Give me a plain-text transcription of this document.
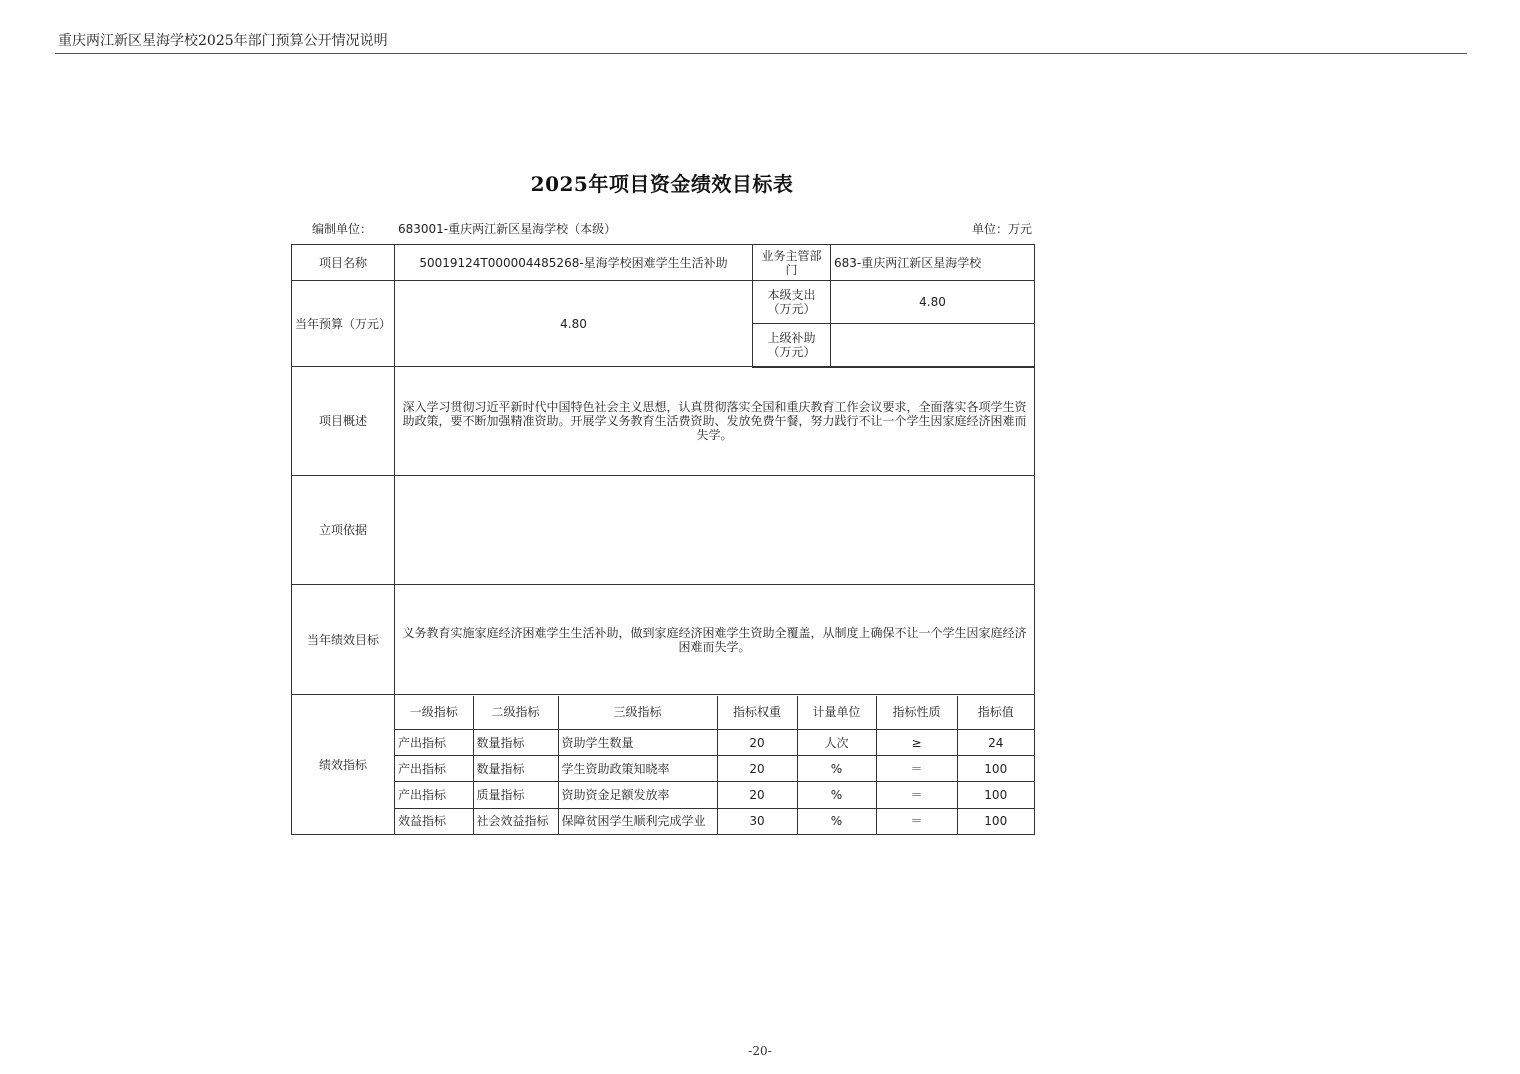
重庆两江新区星海学校2025年部门预算公开情况说明
2025年项目资金绩效目标表
编制单位： 683001-重庆两江新区星海学校（本级）	单位：万元
项目名称	50019124T000004485268-星海学校困难学生生活补助	业务主管部门	683-重庆两江新区星海学校
当年预算（万元）	4.80	本级支出（万元）	4.80
上级补助（万元）	
项目概述	深入学习贯彻习近平新时代中国特色社会主义思想，认真贯彻落实全国和重庆教育工作会议要求，全面落实各项学生资助政策，要不断加强精准资助。开展学义务教育生活费资助、发放免费午餐，努力践行不让一个学生因家庭经济困难而失学。
立项依据	
当年绩效目标	义务教育实施家庭经济困难学生生活补助，做到家庭经济困难学生资助全覆盖，从制度上确保不让一个学生因家庭经济困难而失学。
绩效指标	
一级指标	二级指标	三级指标	指标权重	计量单位	指标性质	指标值
产出指标	数量指标	资助学生数量	20	人次	≥	24
产出指标	数量指标	学生资助政策知晓率	20	%	＝	100
产出指标	质量指标	资助资金足额发放率	20	%	＝	100
效益指标	社会效益指标	保障贫困学生顺利完成学业	30	%	＝	100
-20-
